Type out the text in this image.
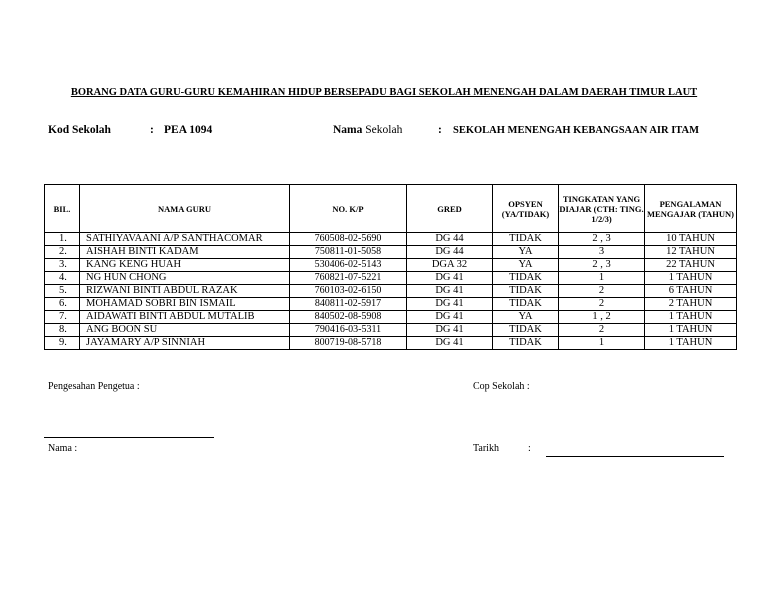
BORANG DATA GURU-GURU KEMAHIRAN HIDUP BERSEPADU BAGI SEKOLAH MENENGAH DALAM DAERAH TIMUR LAUT
Kod Sekolah	: PEA 1094	Nama Sekolah	: SEKOLAH MENENGAH KEBANGSAAN AIR ITAM
BIL.	NAMA GURU	NO. K/P	GRED	OPSYEN (YA/TIDAK)	TINGKATAN YANG DIAJAR (CTH: TING. 1/2/3)	PENGALAMAN MENGAJAR (TAHUN)
1.	SATHIYAVAANI A/P SANTHACOMAR	760508-02-5690	DG 44	TIDAK	2 , 3	10 TAHUN
2.	AISHAH BINTI KADAM	750811-01-5058	DG 44	YA	3	12 TAHUN
3.	KANG KENG HUAH	530406-02-5143	DGA 32	YA	2 , 3	22 TAHUN
4.	NG HUN CHONG	760821-07-5221	DG 41	TIDAK	1	1 TAHUN
5.	RIZWANI BINTI ABDUL RAZAK	760103-02-6150	DG 41	TIDAK	2	6 TAHUN
6.	MOHAMAD SOBRI BIN ISMAIL	840811-02-5917	DG 41	TIDAK	2	2 TAHUN
7.	AIDAWATI BINTI ABDUL MUTALIB	840502-08-5908	DG 41	YA	1 , 2	1 TAHUN
8.	ANG BOON SU	790416-03-5311	DG 41	TIDAK	2	1 TAHUN
9.	JAYAMARY A/P SINNIAH	800719-08-5718	DG 41	TIDAK	1	1 TAHUN
Pengesahan Pengetua :	Cop Sekolah :
Nama :	Tarikh	:
